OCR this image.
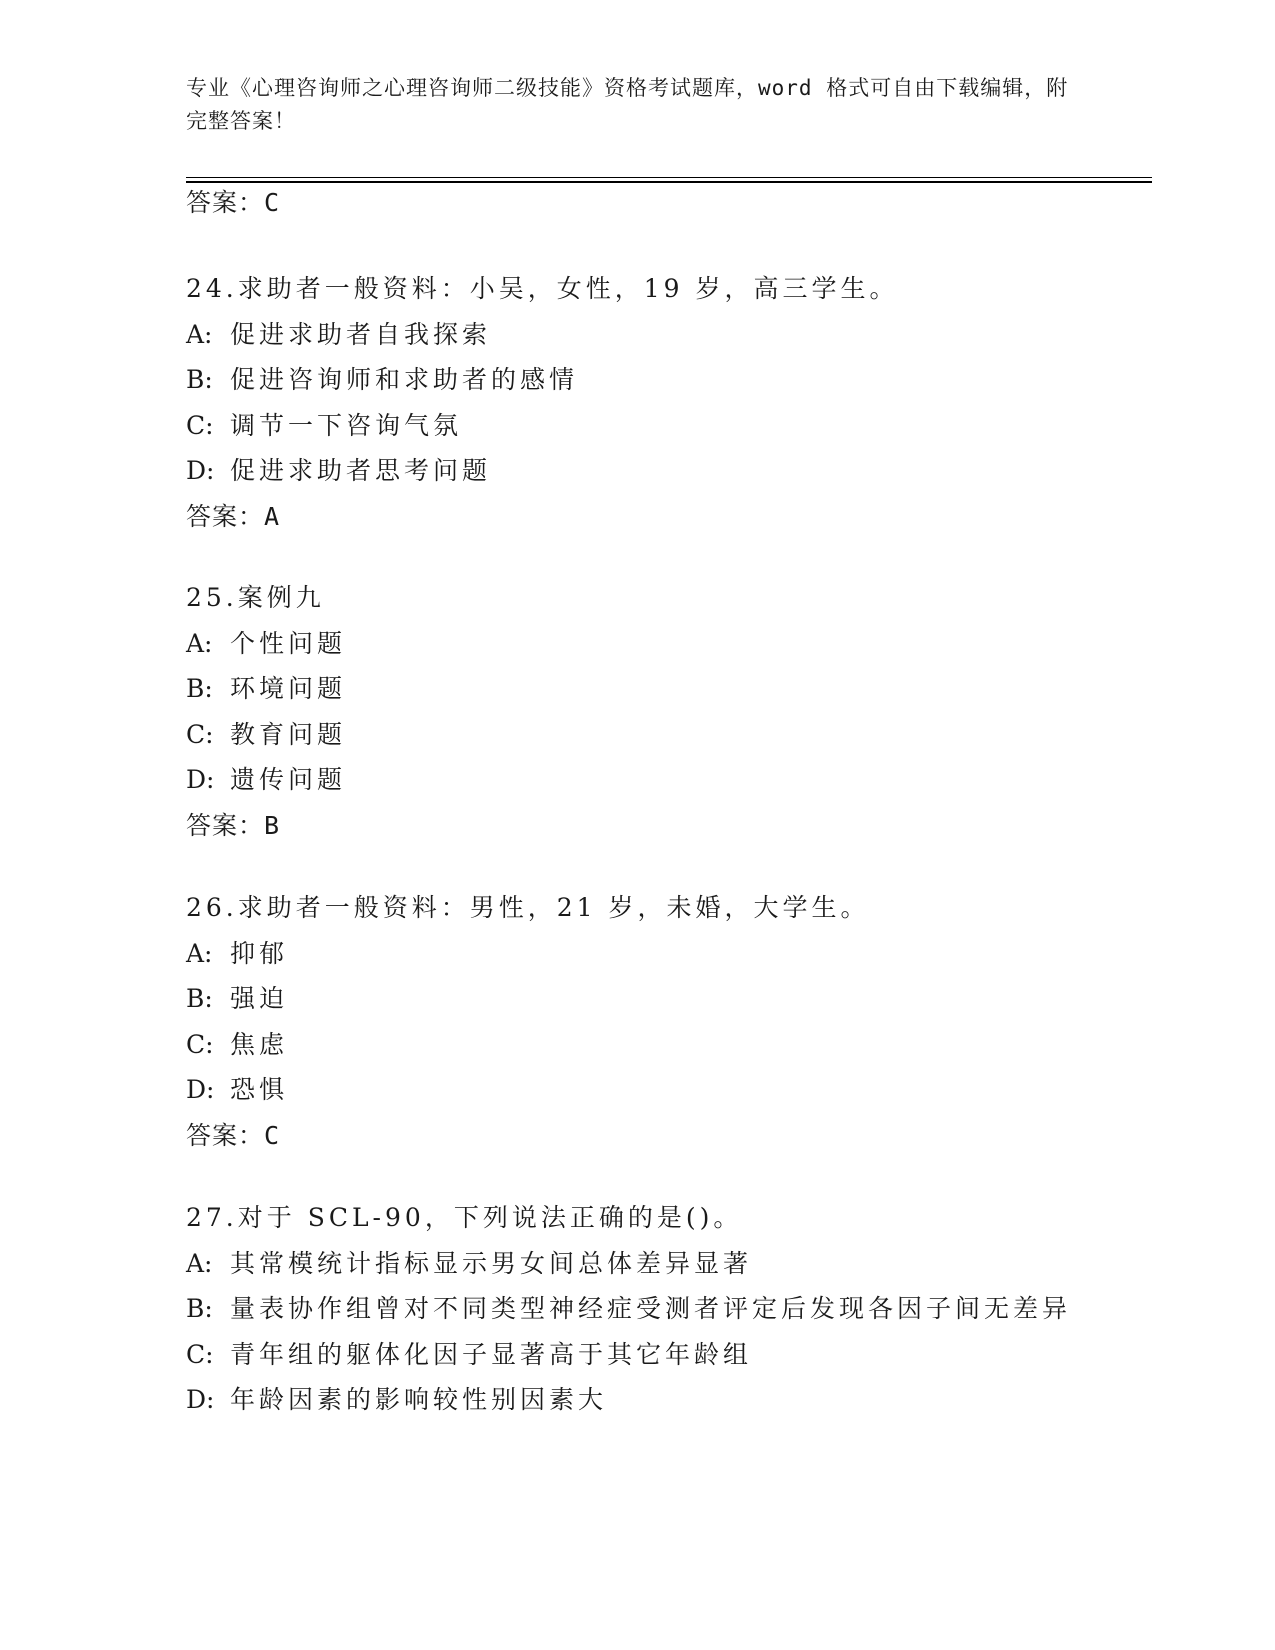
专业《心理咨询师之心理咨询师二级技能》资格考试题库，word 格式可自由下载编辑，附完整答案！
答案：C
24.求助者一般资料：小吴，女性，19 岁，高三学生。
A: 促进求助者自我探索
B: 促进咨询师和求助者的感情
C: 调节一下咨询气氛
D: 促进求助者思考问题
答案：A
25.案例九
A: 个性问题
B: 环境问题
C: 教育问题
D: 遗传问题
答案：B
26.求助者一般资料：男性，21 岁，未婚，大学生。
A: 抑郁
B: 强迫
C: 焦虑
D: 恐惧
答案：C
27.对于 SCL-90，下列说法正确的是()。
A: 其常模统计指标显示男女间总体差异显著
B: 量表协作组曾对不同类型神经症受测者评定后发现各因子间无差异
C: 青年组的躯体化因子显著高于其它年龄组
D: 年龄因素的影响较性别因素大
